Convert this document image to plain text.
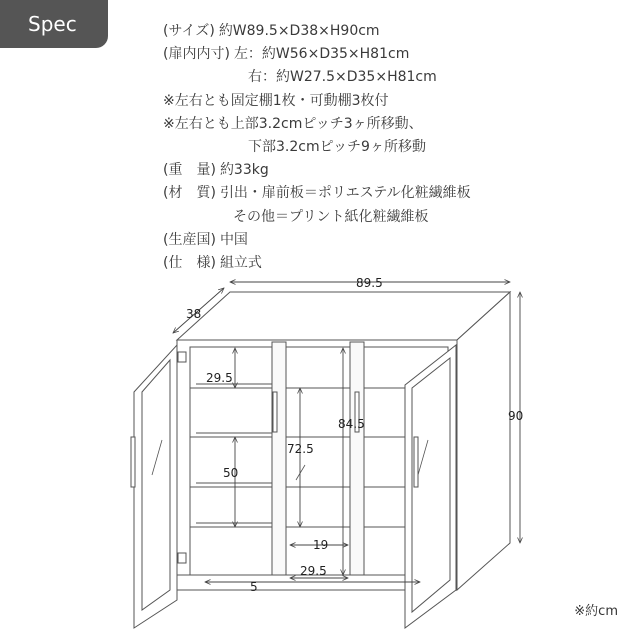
Spec	(サイズ) 約W89.5×D38×H90cm
(扉内内寸) 左：約W56×D35×H81cm
右：約W27.5×D35×H81cm
※左右とも固定棚1枚・可動棚3枚付
※左右とも上部3.2cmピッチ3ヶ所移動、
下部3.2cmピッチ9ヶ所移動
(重　量) 約33kg
(材　質) 引出・扉前板＝ポリエステル化粧繊維板
その他＝プリント紙化粧繊維板
(生産国) 中国
(仕　様) 組立式
89.5
90
38
29.5
50
72.5
84.5
19
29.5
5
※約cm
